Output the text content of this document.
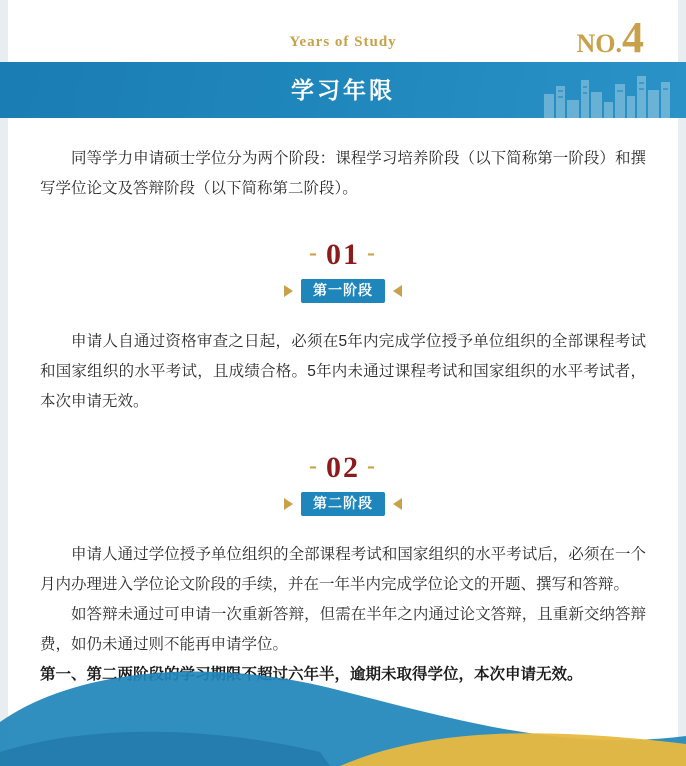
Years of Study	NO.4
学习年限

同等学力申请硕士学位分为两个阶段：课程学习培养阶段（以下简称第一阶段）和撰写学位论文及答辩阶段（以下简称第二阶段）。

- 01 -
第一阶段

申请人自通过资格审查之日起，必须在5年内完成学位授予单位组织的全部课程考试和国家组织的水平考试，且成绩合格。5年内未通过课程考试和国家组织的水平考试者，本次申请无效。

- 02 -
第二阶段

申请人通过学位授予单位组织的全部课程考试和国家组织的水平考试后，必须在一个月内办理进入学位论文阶段的手续，并在一年半内完成学位论文的开题、撰写和答辩。

如答辩未通过可申请一次重新答辩，但需在半年之内通过论文答辩，且重新交纳答辩费，如仍未通过则不能再申请学位。

第一、第二两阶段的学习期限不超过六年半，逾期未取得学位，本次申请无效。
